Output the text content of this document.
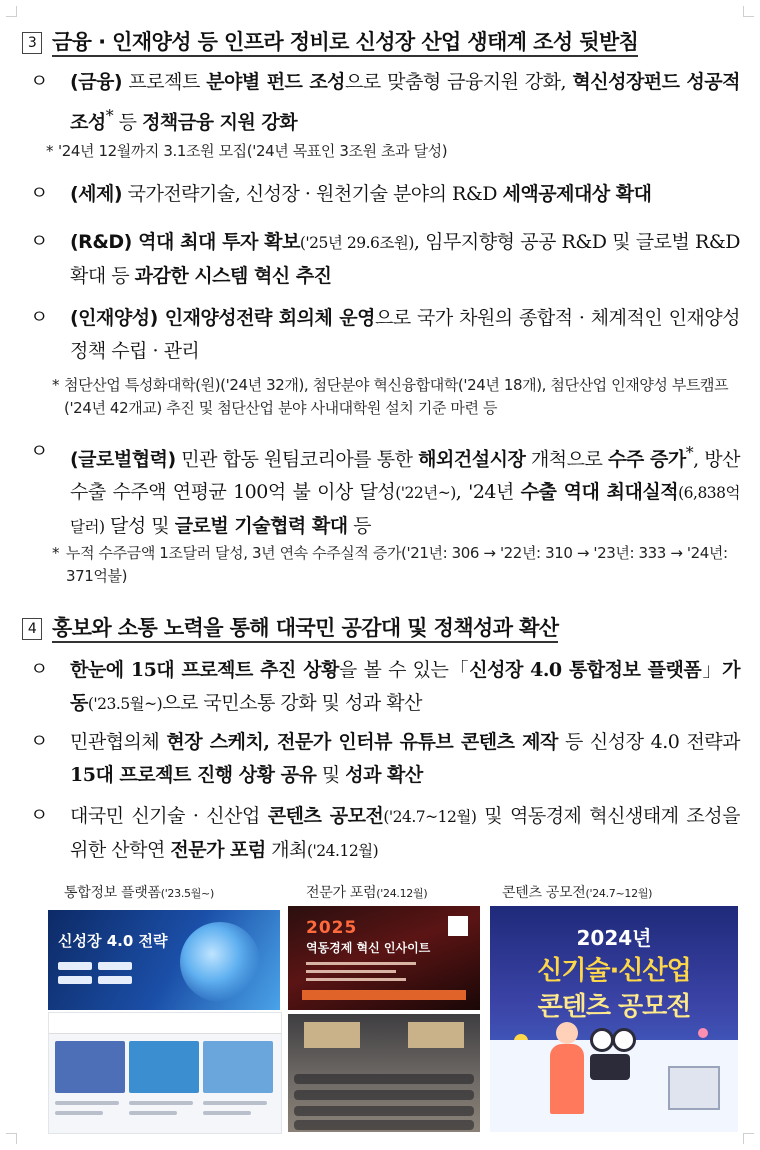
3 금융 · 인재양성 등 인프라 정비로 신성장 산업 생태계 조성 뒷받침
ㅇ (금융) 프로젝트 분야별 펀드 조성으로 맞춤형 금융지원 강화, 혁신성장펀드 성공적 조성* 등 정책금융 지원 강화
* '24년 12월까지 3.1조원 모집('24년 목표인 3조원 초과 달성)
ㅇ (세제) 국가전략기술, 신성장 · 원천기술 분야의 R&D 세액공제대상 확대
ㅇ (R&D) 역대 최대 투자 확보('25년 29.6조원), 임무지향형 공공 R&D 및 글로벌 R&D 확대 등 과감한 시스템 혁신 추진
ㅇ (인재양성) 인재양성전략 회의체 운영으로 국가 차원의 종합적 · 체계적인 인재양성정책 수립 · 관리
* 첨단산업 특성화대학(원)('24년 32개), 첨단분야 혁신융합대학('24년 18개), 첨단산업 인재양성 부트캠프('24년 42개교) 추진 및 첨단산업 분야 사내대학원 설치 기준 마련 등
ㅇ (글로벌협력) 민관 합동 원팀코리아를 통한 해외건설시장 개척으로 수주 증가*, 방산 수출 수주액 연평균 100억 불 이상 달성('22년~), '24년 수출 역대 최대실적(6,838억 달러) 달성 및 글로벌 기술협력 확대 등
* 누적 수주금액 1조달러 달성, 3년 연속 수주실적 증가('21년: 306 → '22년: 310 → '23년: 333 → '24년: 371억불)
4 홍보와 소통 노력을 통해 대국민 공감대 및 정책성과 확산
ㅇ 한눈에 15대 프로젝트 추진 상황을 볼 수 있는「신성장 4.0 통합정보 플랫폼」가동('23.5월~)으로 국민소통 강화 및 성과 확산
ㅇ 민관협의체 현장 스케치, 전문가 인터뷰 유튜브 콘텐츠 제작 등 신성장 4.0 전략과 15대 프로젝트 진행 상황 공유 및 성과 확산
ㅇ 대국민 신기술 · 신산업 콘텐츠 공모전('24.7~12월) 및 역동경제 혁신생태계 조성을 위한 산학연 전문가 포럼 개최('24.12월)
통합정보 플랫폼('23.5월~)	전문가 포럼('24.12월)	콘텐츠 공모전('24.7~12월)
신성장 4.0 전략
2025
역동경제 혁신 인사이트	2024년
신기술·신산업
콘텐츠 공모전
